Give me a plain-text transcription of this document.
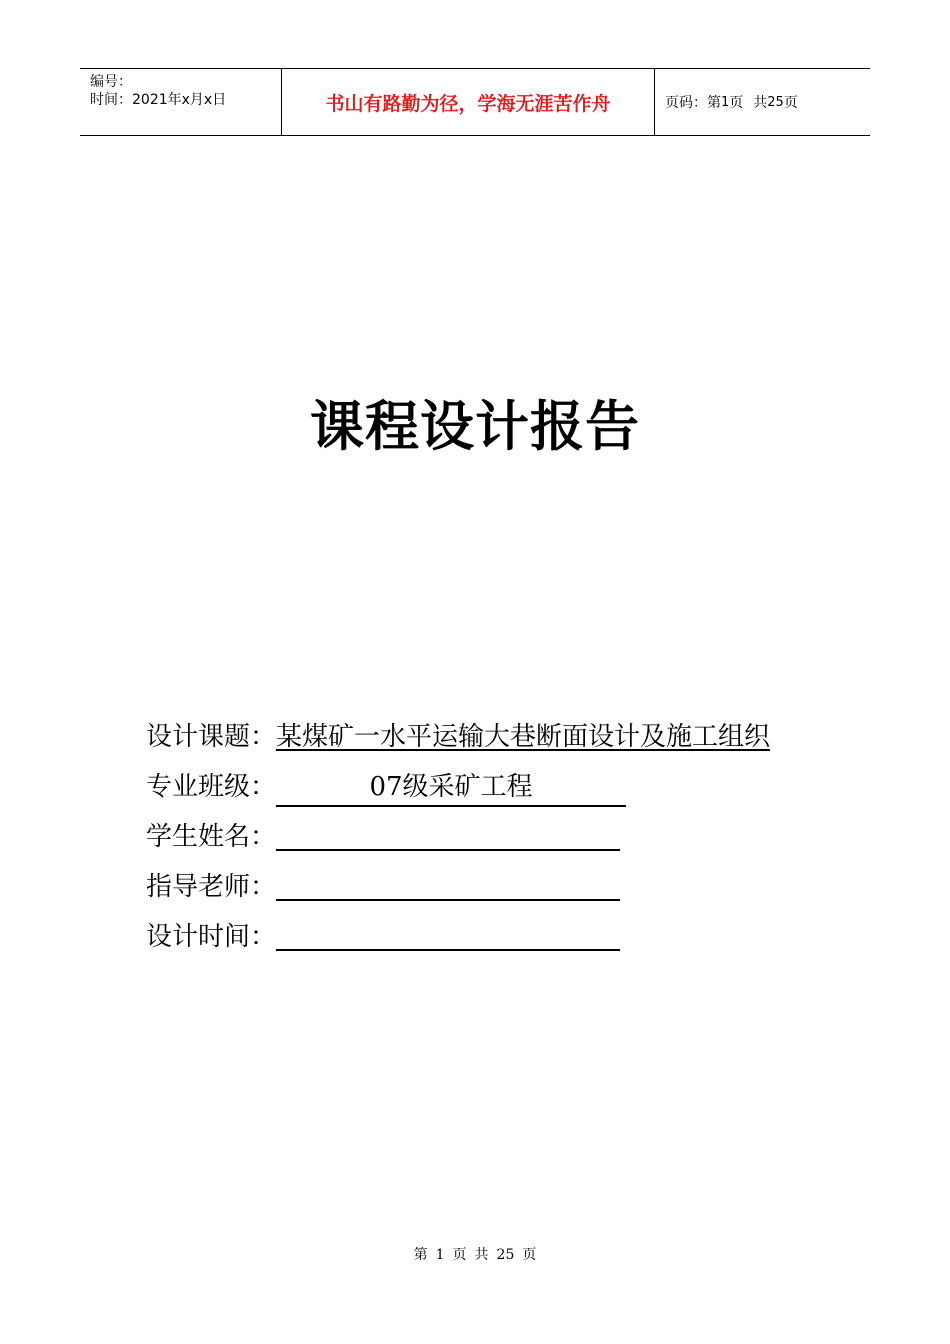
编号：
时间：2021年x月x日	书山有路勤为径，学海无涯苦作舟	页码： 第 1 页 共 25 页
课程设计报告
设计课题：某煤矿一水平运输大巷断面设计及施工组织
专业班级：	07级采矿工程
学生姓名：
指导老师：
设计时间：
第 1 页 共 25 页
